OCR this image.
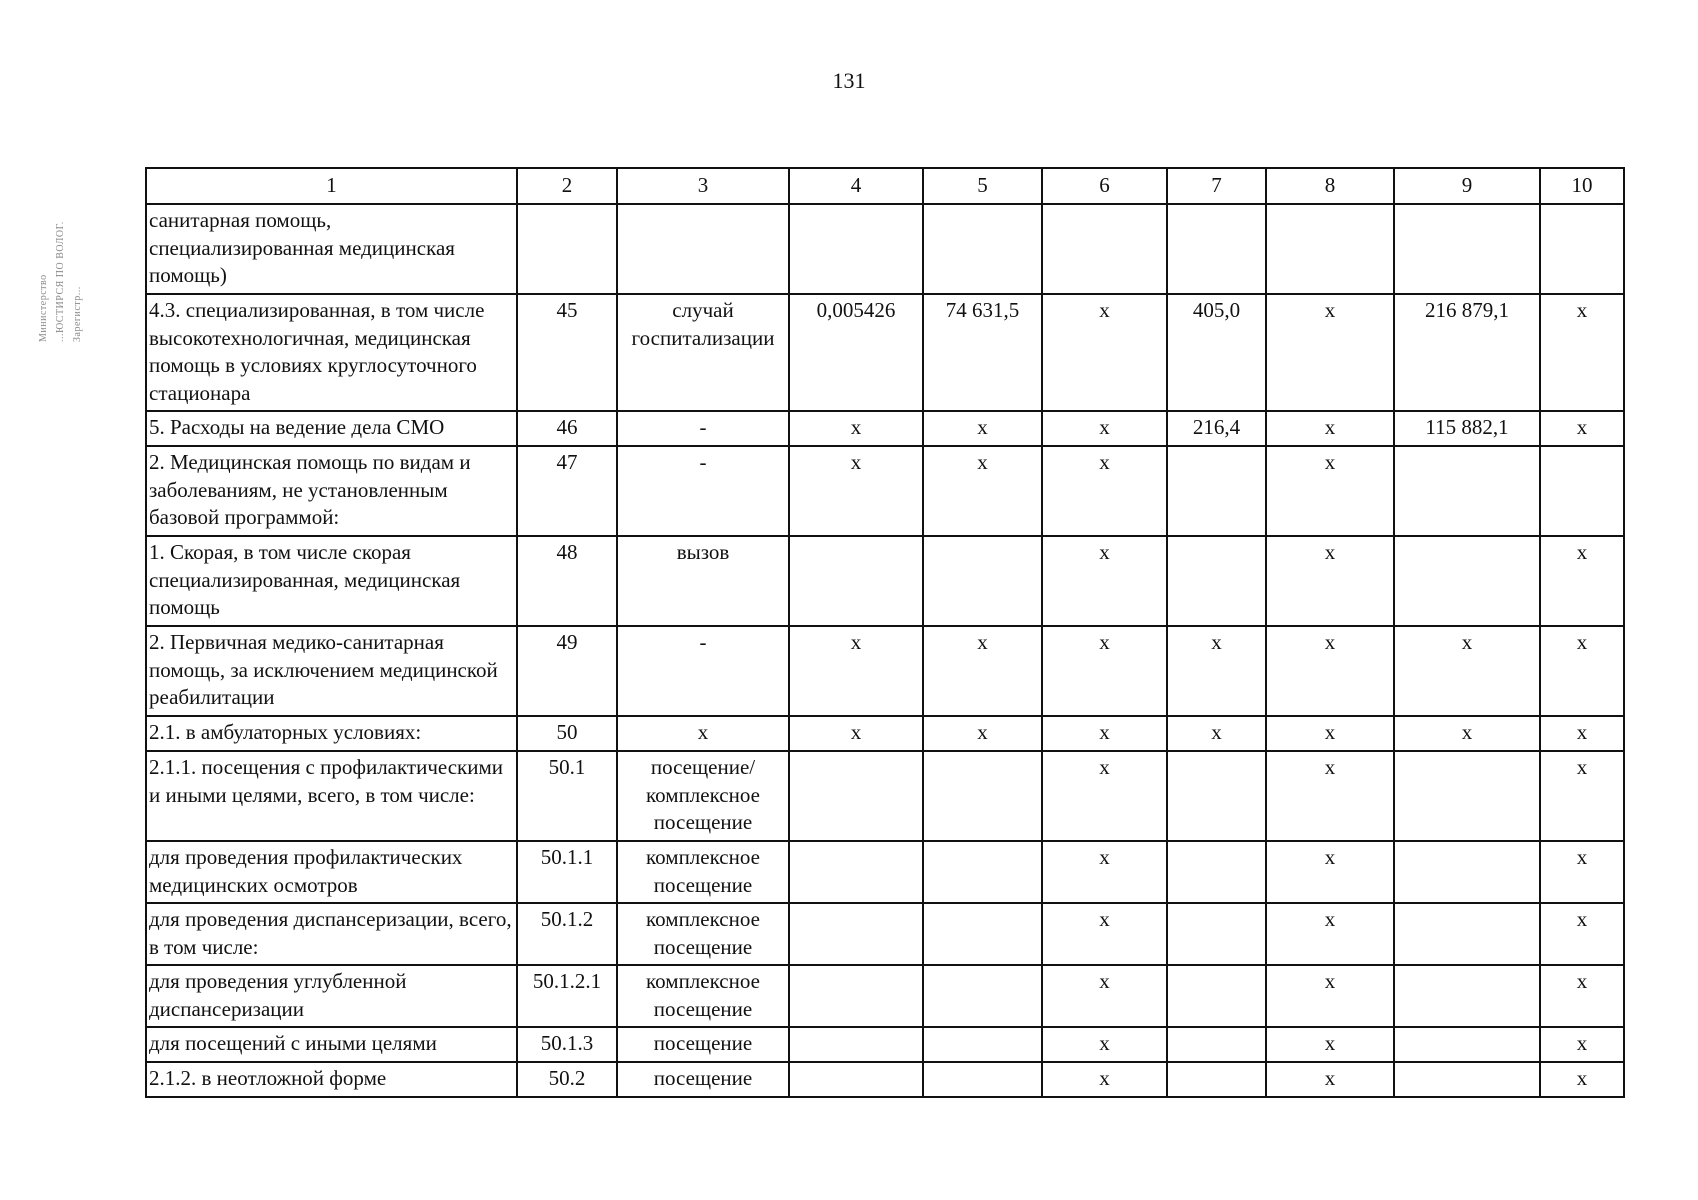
131
Министерство ...ЮСТИРСЯ ПО ВОЛОГ. Зарегистр...
1	2	3	4	5	6	7	8	9	10
санитарная помощь, специализированная медицинская помощь)									
4.3. специализированная, в том числе высокотехнологичная, медицинская помощь в условиях круглосуточного стационара	45	случай госпитализации	0,005426	74 631,5	х	405,0	х	216 879,1	х
5. Расходы на ведение дела СМО	46	-	х	х	х	216,4	х	115 882,1	х
2. Медицинская помощь по видам и заболеваниям, не установленным базовой программой:	47	-	х	х	х		х		
1. Скорая, в том числе скорая специализированная, медицинская помощь	48	вызов			х		х		х
2. Первичная медико-санитарная помощь, за исключением медицинской реабилитации	49	-	х	х	х	х	х	х	х
2.1. в амбулаторных условиях:	50	х	х	х	х	х	х	х	х
2.1.1. посещения с профилактическими и иными целями, всего, в том числе:	50.1	посещение/ комплексное посещение			х		х		х
для проведения профилактических медицинских осмотров	50.1.1	комплексное посещение			х		х		х
для проведения диспансеризации, всего, в том числе:	50.1.2	комплексное посещение			х		х		х
для проведения углубленной диспансеризации	50.1.2.1	комплексное посещение			х		х		х
для посещений с иными целями	50.1.3	посещение			х		х		х
2.1.2. в неотложной форме	50.2	посещение			х		х		х
